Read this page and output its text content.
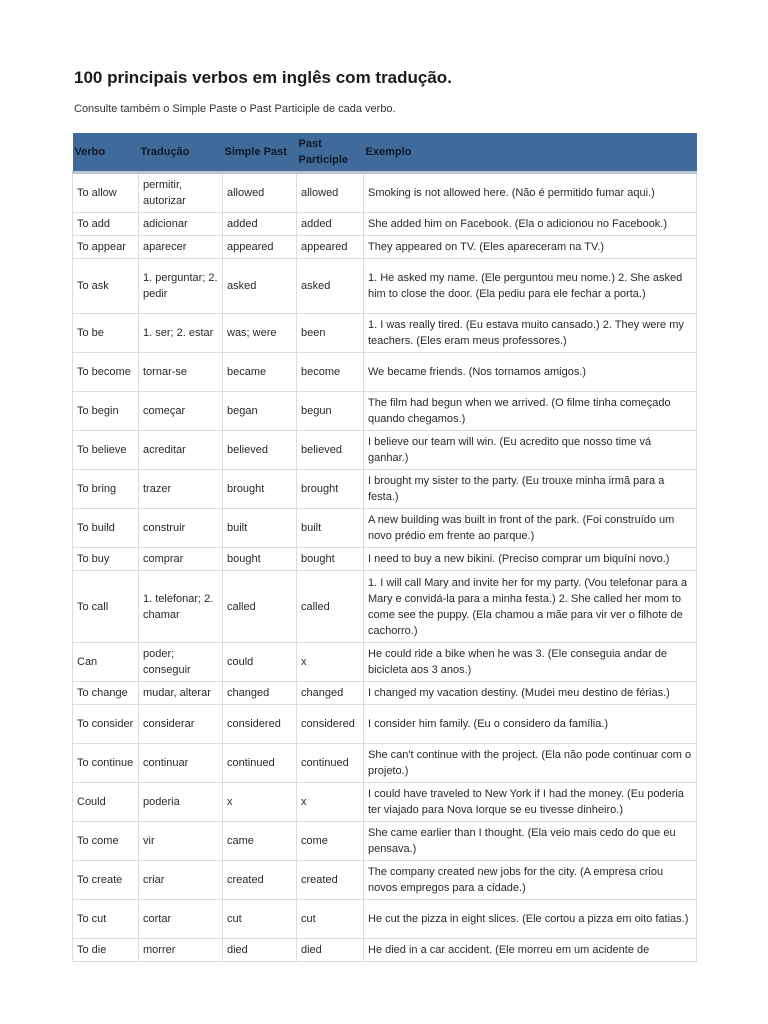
100 principais verbos em inglês com tradução.
Consulte também o Simple Paste o Past Participle de cada verbo.
Verbo	Tradução	Simple Past	Past Participle	Exemplo
To allow	permitir, autorizar	allowed	allowed	Smoking is not allowed here. (Não é permitido fumar aqui.)
To add	adicionar	added	added	She added him on Facebook. (Ela o adicionou no Facebook.)
To appear	aparecer	appeared	appeared	They appeared on TV. (Eles apareceram na TV.)
To ask	1. perguntar; 2. pedir	asked	asked	1. He asked my name. (Ele perguntou meu nome.) 2. She asked him to close the door. (Ela pediu para ele fechar a porta.)
To be	1. ser; 2. estar	was; were	been	1. I was really tired. (Eu estava muito cansado.) 2. They were my teachers. (Eles eram meus professores.)
To become	tornar-se	became	become	We became friends. (Nos tornamos amigos.)
To begin	começar	began	begun	The film had begun when we arrived. (O filme tinha começado quando chegamos.)
To believe	acreditar	believed	believed	I believe our team will win. (Eu acredito que nosso time vá ganhar.)
To bring	trazer	brought	brought	I brought my sister to the party. (Eu trouxe minha irmã para a festa.)
To build	construir	built	built	A new building was built in front of the park. (Foi construído um novo prédio em frente ao parque.)
To buy	comprar	bought	bought	I need to buy a new bikini. (Preciso comprar um biquíni novo.)
To call	1. telefonar; 2. chamar	called	called	1. I will call Mary and invite her for my party. (Vou telefonar para a Mary e convidá-la para a minha festa.) 2. She called her mom to come see the puppy. (Ela chamou a mãe para vir ver o filhote de cachorro.)
Can	poder; conseguir	could	x	He could ride a bike when he was 3. (Ele conseguia andar de bicicleta aos 3 anos.)
To change	mudar, alterar	changed	changed	I changed my vacation destiny. (Mudei meu destino de férias.)
To consider	considerar	considered	considered	I consider him family. (Eu o considero da família.)
To continue	continuar	continued	continued	She can't continue with the project. (Ela não pode continuar com o projeto.)
Could	poderia	x	x	I could have traveled to New York if I had the money. (Eu poderia ter viajado para Nova Iorque se eu tivesse dinheiro.)
To come	vir	came	come	She came earlier than I thought. (Ela veio mais cedo do que eu pensava.)
To create	criar	created	created	The company created new jobs for the city. (A empresa criou novos empregos para a cidade.)
To cut	cortar	cut	cut	He cut the pizza in eight slices. (Ele cortou a pizza em oito fatias.)
To die	morrer	died	died	He died in a car accident. (Ele morreu em um acidente de
